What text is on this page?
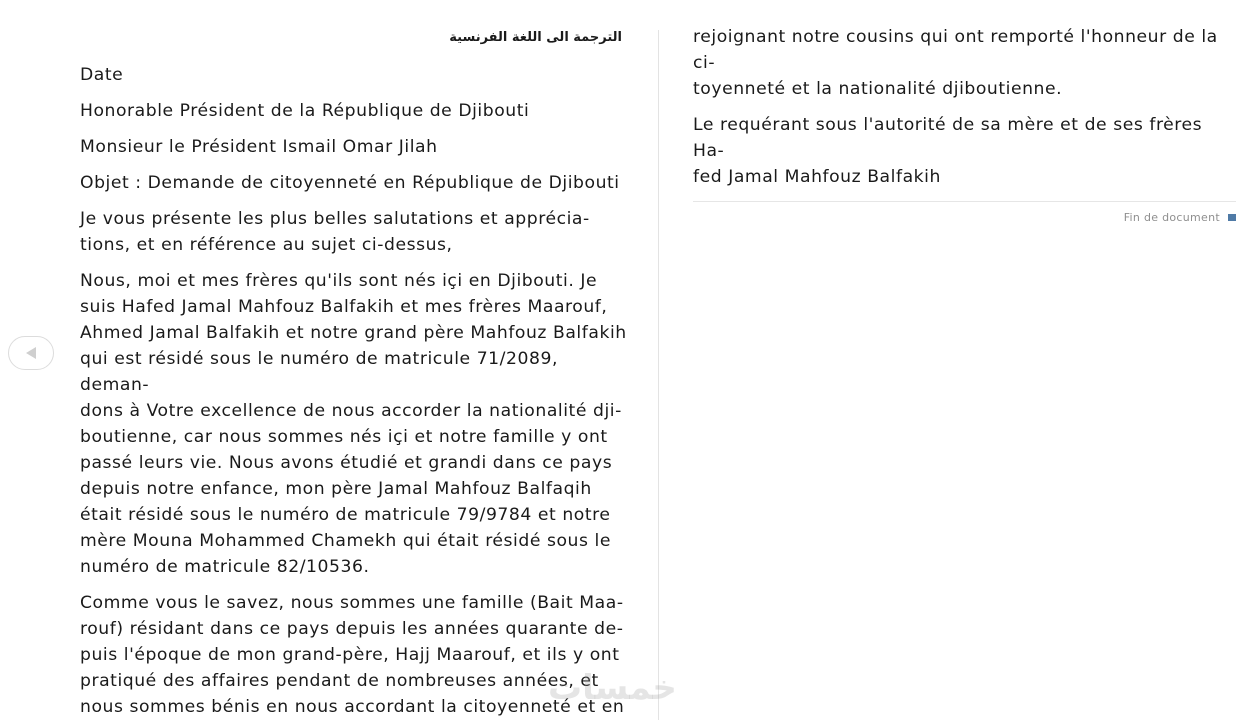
الترجمة الى اللغة الفرنسية

Date

Honorable Président de la République de Djibouti

Monsieur le Président Ismail Omar Jilah

Objet : Demande de citoyenneté en République de Djibouti

Je vous présente les plus belles salutations et apprécia-
tions, et en référence au sujet ci-dessus,

Nous, moi et mes frères qu'ils sont nés içi en Djibouti. Je
suis Hafed Jamal Mahfouz Balfakih et mes frères Maarouf,
Ahmed Jamal Balfakih et notre grand père Mahfouz Balfakih
qui est résidé sous le numéro de matricule 71/2089, deman-
dons à Votre excellence de nous accorder la nationalité dji-
boutienne, car nous sommes nés içi et notre famille y ont
passé leurs vie. Nous avons étudié et grandi dans ce pays
depuis notre enfance, mon père Jamal Mahfouz Balfaqih
était résidé sous le numéro de matricule 79/9784 et notre
mère Mouna Mohammed Chamekh qui était résidé sous le
numéro de matricule 82/10536.

Comme vous le savez, nous sommes une famille (Bait Maa-
rouf) résidant dans ce pays depuis les années quarante de-
puis l'époque de mon grand-père, Hajj Maarouf, et ils y ont
pratiqué des affaires pendant de nombreuses années, et
nous sommes bénis en nous accordant la citoyenneté et en

rejoignant notre cousins qui ont remporté l'honneur de la ci-
toyenneté et la nationalité djiboutienne.

Le requérant sous l'autorité de sa mère et de ses frères Ha-
fed Jamal Mahfouz Balfakih

Fin de document
خمسات
